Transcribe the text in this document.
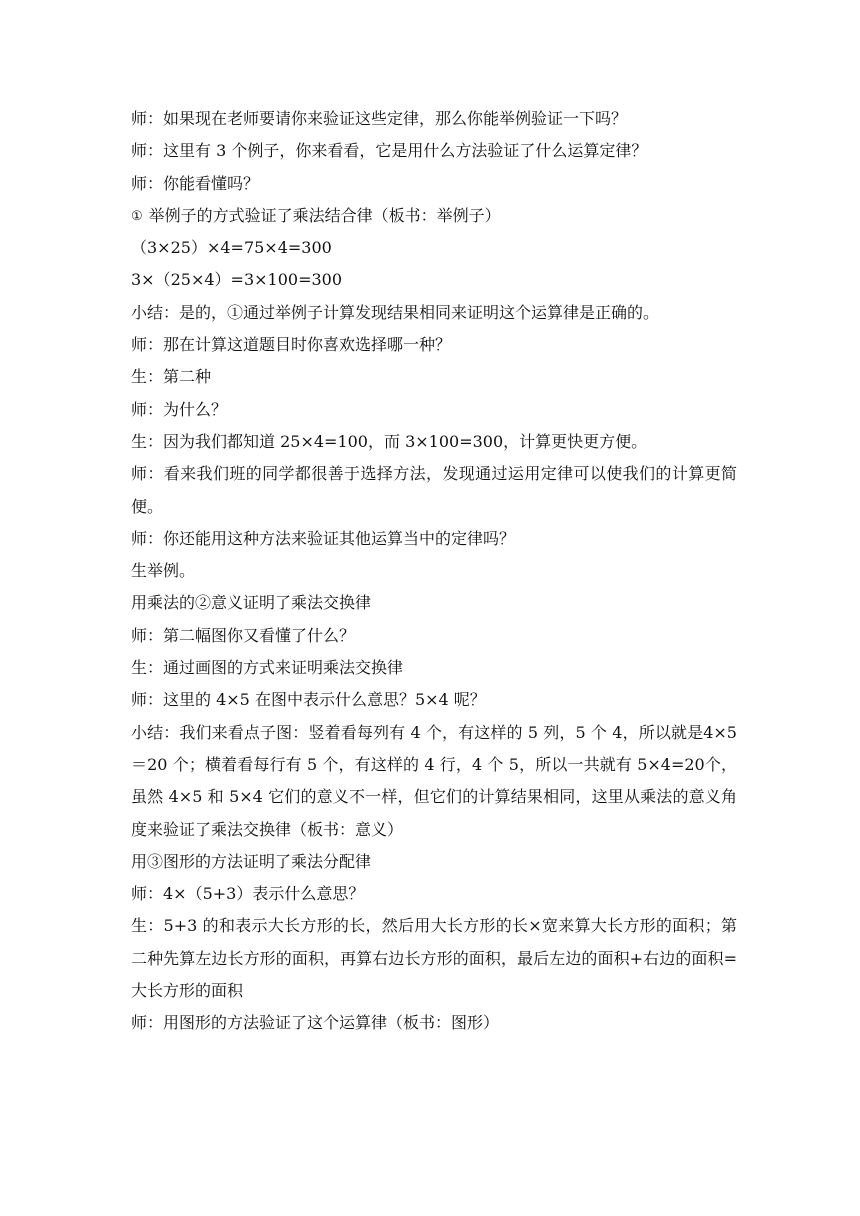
师：如果现在老师要请你来验证这些定律，那么你能举例验证一下吗？

师：这里有 3 个例子，你来看看，它是用什么方法验证了什么运算定律？

师：你能看懂吗？

① 举例子的方式验证了乘法结合律（板书：举例子）

（3×25）×4=75×4=300

3×（25×4）=3×100=300

小结：是的，①通过举例子计算发现结果相同来证明这个运算律是正确的。

师：那在计算这道题目时你喜欢选择哪一种？

生：第二种

师：为什么？

生：因为我们都知道 25×4=100，而 3×100=300，计算更快更方便。

师：看来我们班的同学都很善于选择方法，发现通过运用定律可以使我们的计算更简便。

师：你还能用这种方法来验证其他运算当中的定律吗？

生举例。

用乘法的②意义证明了乘法交换律

师：第二幅图你又看懂了什么？

生：通过画图的方式来证明乘法交换律

师：这里的 4×5 在图中表示什么意思？5×4 呢？

小结：我们来看点子图：竖着看每列有 4 个，有这样的 5 列，5 个 4，所以就是4×5＝20 个；横着看每行有 5 个，有这样的 4 行，4 个 5，所以一共就有 5×4=20个，虽然 4×5 和 5×4 它们的意义不一样，但它们的计算结果相同，这里从乘法的意义角度来验证了乘法交换律（板书：意义）

用③图形的方法证明了乘法分配律

师：4×（5+3）表示什么意思？

生：5+3 的和表示大长方形的长，然后用大长方形的长×宽来算大长方形的面积；第二种先算左边长方形的面积，再算右边长方形的面积，最后左边的面积+右边的面积=大长方形的面积

师：用图形的方法验证了这个运算律（板书：图形）
